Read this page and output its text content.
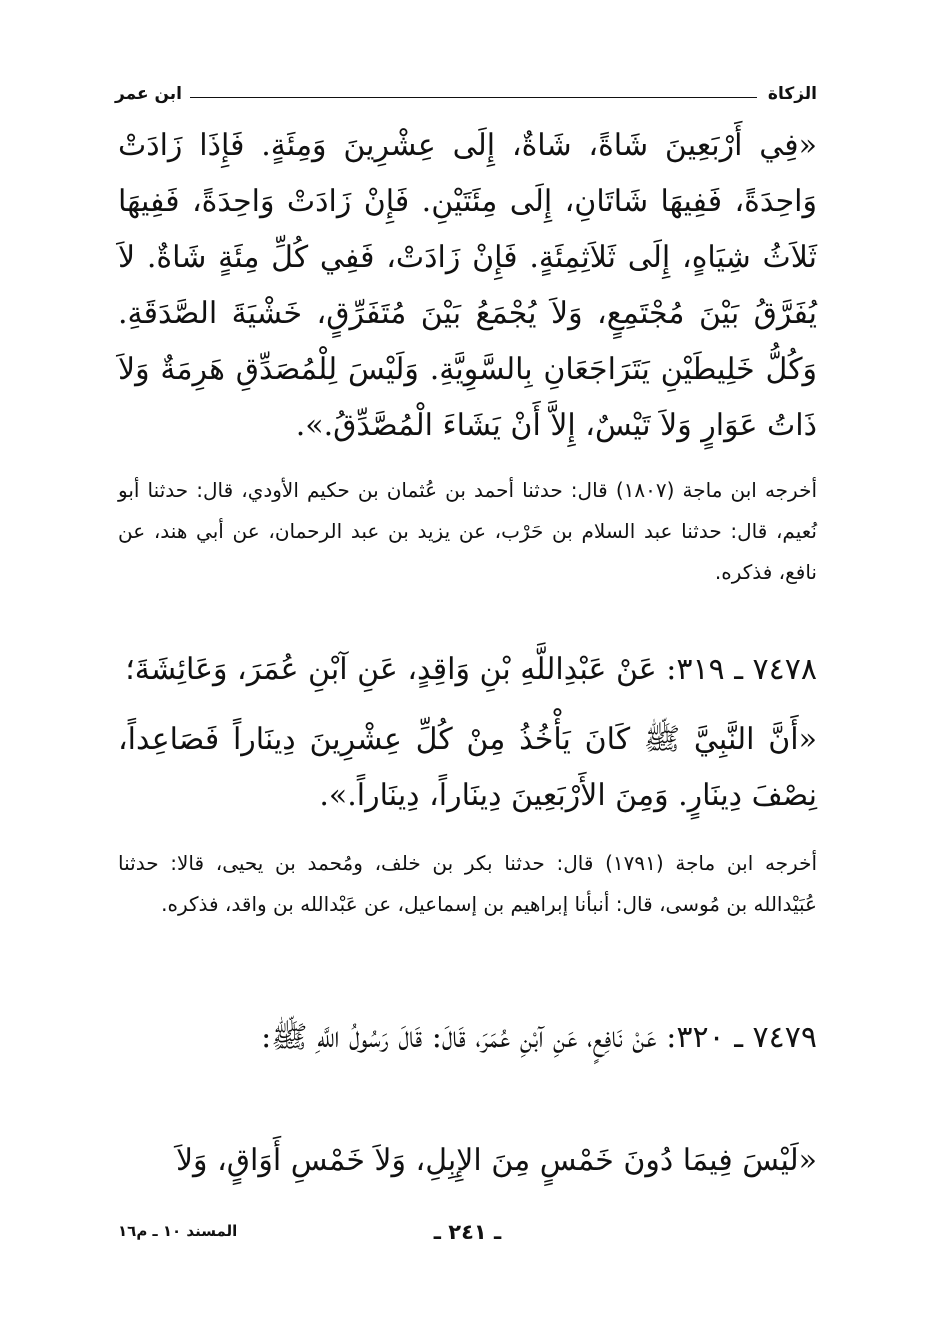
الزكاة
ابن عمر
«فِي أَرْبَعِينَ شَاةً، شَاةٌ، إِلَى عِشْرِينَ وَمِئَةٍ. فَإِذَا زَادَتْ وَاحِدَةً، فَفِيهَا شَاتَانِ، إِلَى مِئَتَيْنِ. فَإِنْ زَادَتْ وَاحِدَةً، فَفِيهَا ثَلاَثُ شِيَاهٍ، إِلَى ثَلاَثِمِئَةٍ. فَإِنْ زَادَتْ، فَفِي كُلِّ مِئَةٍ شَاةٌ. لاَ يُفَرَّقُ بَيْنَ مُجْتَمِعٍ، وَلاَ يُجْمَعُ بَيْنَ مُتَفَرِّقٍ، خَشْيَةَ الصَّدَقَةِ. وَكُلُّ خَلِيطَيْنِ يَتَرَاجَعَانِ بِالسَّوِيَّةِ. وَلَيْسَ لِلْمُصَدِّقِ هَرِمَةٌ وَلاَ ذَاتُ عَوَارٍ وَلاَ تَيْسٌ، إِلاَّ أَنْ يَشَاءَ الْمُصَّدِّقُ.».
أخرجه ابن ماجة (١٨٠٧) قال: حدثنا أحمد بن عُثمان بن حكيم الأودي، قال: حدثنا أبو نُعيم، قال: حدثنا عبد السلام بن حَرْب، عن يزيد بن عبد الرحمان، عن أبي هند، عن نافع، فذكره.
٧٤٧٨ ـ ٣١٩: عَنْ عَبْدِاللَّهِ بْنِ وَاقِدٍ، عَنِ آبْنِ عُمَرَ، وَعَائِشَةَ؛
«أَنَّ النَّبِيَّ ﷺ كَانَ يَأْخُذُ مِنْ كُلِّ عِشْرِينَ دِينَاراً فَصَاعِداً، نِصْفَ دِينَارٍ. وَمِنَ الأَرْبَعِينَ دِينَاراً، دِينَاراً.».
أخرجه ابن ماجة (١٧٩١) قال: حدثنا بكر بن خلف، ومُحمد بن يحيى، قالا: حدثنا عُبَيْدالله بن مُوسى، قال: أنبأنا إبراهيم بن إسماعيل، عن عَبْدالله بن واقد، فذكره.
٧٤٧٩ ـ ٣٢٠: عَنْ نَافِعٍ، عَنِ آبْنِ عُمَرَ، قَالَ: قَالَ رَسُولُ اللَّهِ ﷺ:
«لَيْسَ فِيمَا دُونَ خَمْسٍ مِنَ الإِبِلِ، وَلاَ خَمْسِ أَوَاقٍ، وَلاَ
ـ ٢٤١ ـ
المسند ١٠ ـ م١٦
